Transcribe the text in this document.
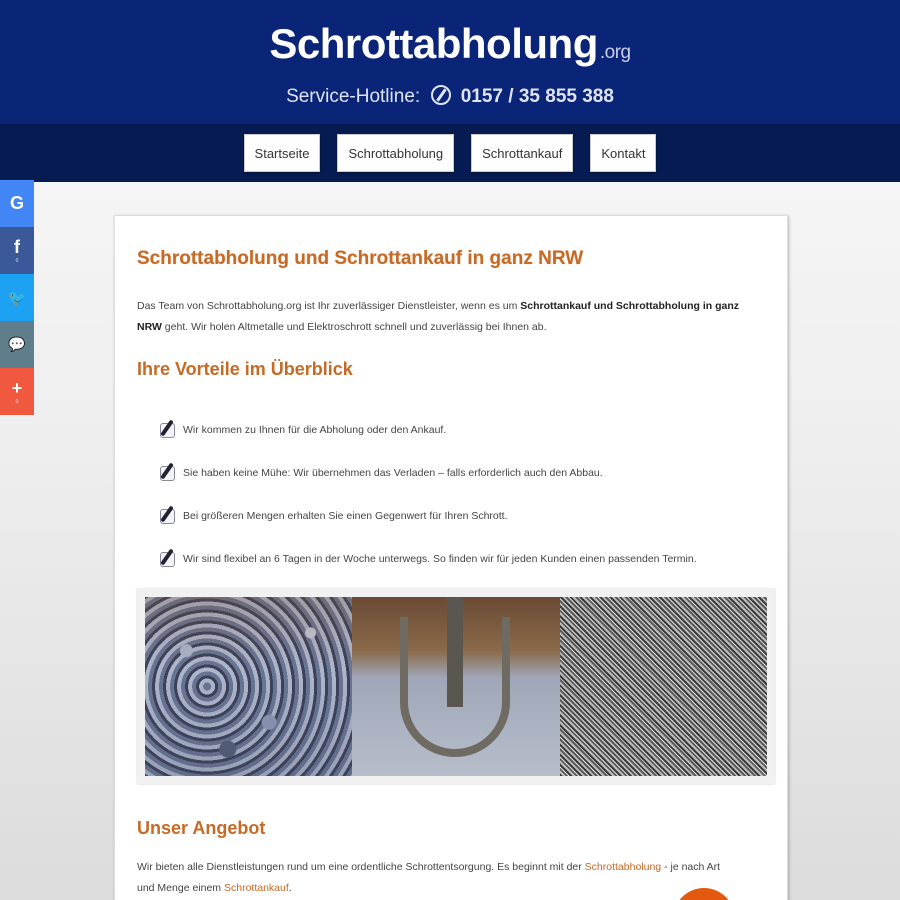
Schrottabholung .org
Service-Hotline: 0157 / 35 855 388
Startseite	Schrottabholung	Schrottankauf	Kontakt
G
f
0
🐦
💬
+
0
Schrottabholung und Schrottankauf in ganz NRW

Das Team von Schrottabholung.org ist Ihr zuverlässiger Dienstleister, wenn es um Schrottankauf und Schrottabholung in ganz NRW geht. Wir holen Altmetalle und Elektroschrott schnell und zuverlässig bei Ihnen ab.

Ihre Vorteile im Überblick
Wir kommen zu Ihnen für die Abholung oder den Ankauf.
Sie haben keine Mühe: Wir übernehmen das Verladen – falls erforderlich auch den Abbau.
Bei größeren Mengen erhalten Sie einen Gegenwert für Ihren Schrott.
Wir sind flexibel an 6 Tagen in der Woche unterwegs. So finden wir für jeden Kunden einen passenden Termin.
Unser Angebot

Wir bieten alle Dienstleistungen rund um eine ordentliche Schrottentsorgung. Es beginnt mit der Schrottabholung - je nach Art und Menge einem Schrottankauf.
